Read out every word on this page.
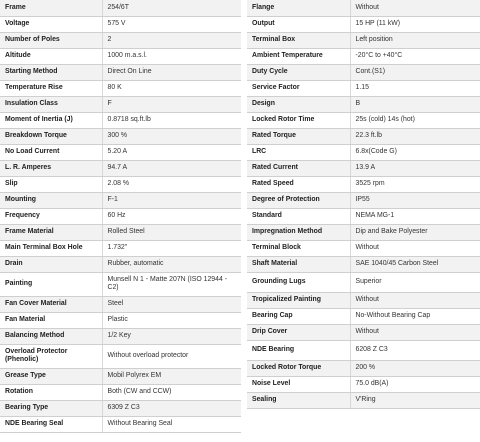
Frame	254/6T
Voltage	575 V
Number of Poles	2
Altitude	1000 m.a.s.l.
Starting Method	Direct On Line
Temperature Rise	80 K
Insulation Class	F
Moment of Inertia (J)	0.8718 sq.ft.lb
Breakdown Torque	300 %
No Load Current	5.20 A
L. R. Amperes	94.7 A
Slip	2.08 %
Mounting	F-1
Frequency	60 Hz
Frame Material	Rolled Steel
Main Terminal Box Hole	1.732"
Drain	Rubber, automatic
Painting	Munsell N 1 - Matte 207N (ISO 12944 - C2)
Fan Cover Material	Steel
Fan Material	Plastic
Balancing Method	1/2 Key
Overload Protector (Phenolic)	Without overload protector
Grease Type	Mobil Polyrex EM
Rotation	Both (CW and CCW)
Bearing Type	6309 Z C3
NDE Bearing Seal	Without Bearing Seal
Flange	Without
Output	15 HP (11 kW)
Terminal Box	Left position
Ambient Temperature	-20°C to +40°C
Duty Cycle	Cont.(S1)
Service Factor	1.15
Design	B
Locked Rotor Time	25s (cold) 14s (hot)
Rated Torque	22.3 ft.lb
LRC	6.8x(Code G)
Rated Current	13.9 A
Rated Speed	3525 rpm
Degree of Protection	IP55
Standard	NEMA MG-1
Impregnation Method	Dip and Bake Polyester
Terminal Block	Without
Shaft Material	SAE 1040/45 Carbon Steel
Grounding Lugs	Superior
Tropicalized Painting	Without
Bearing Cap	No-Without Bearing Cap
Drip Cover	Without
NDE Bearing	6208 Z C3
Locked Rotor Torque	200 %
Noise Level	75.0 dB(A)
Sealing	V'Ring
